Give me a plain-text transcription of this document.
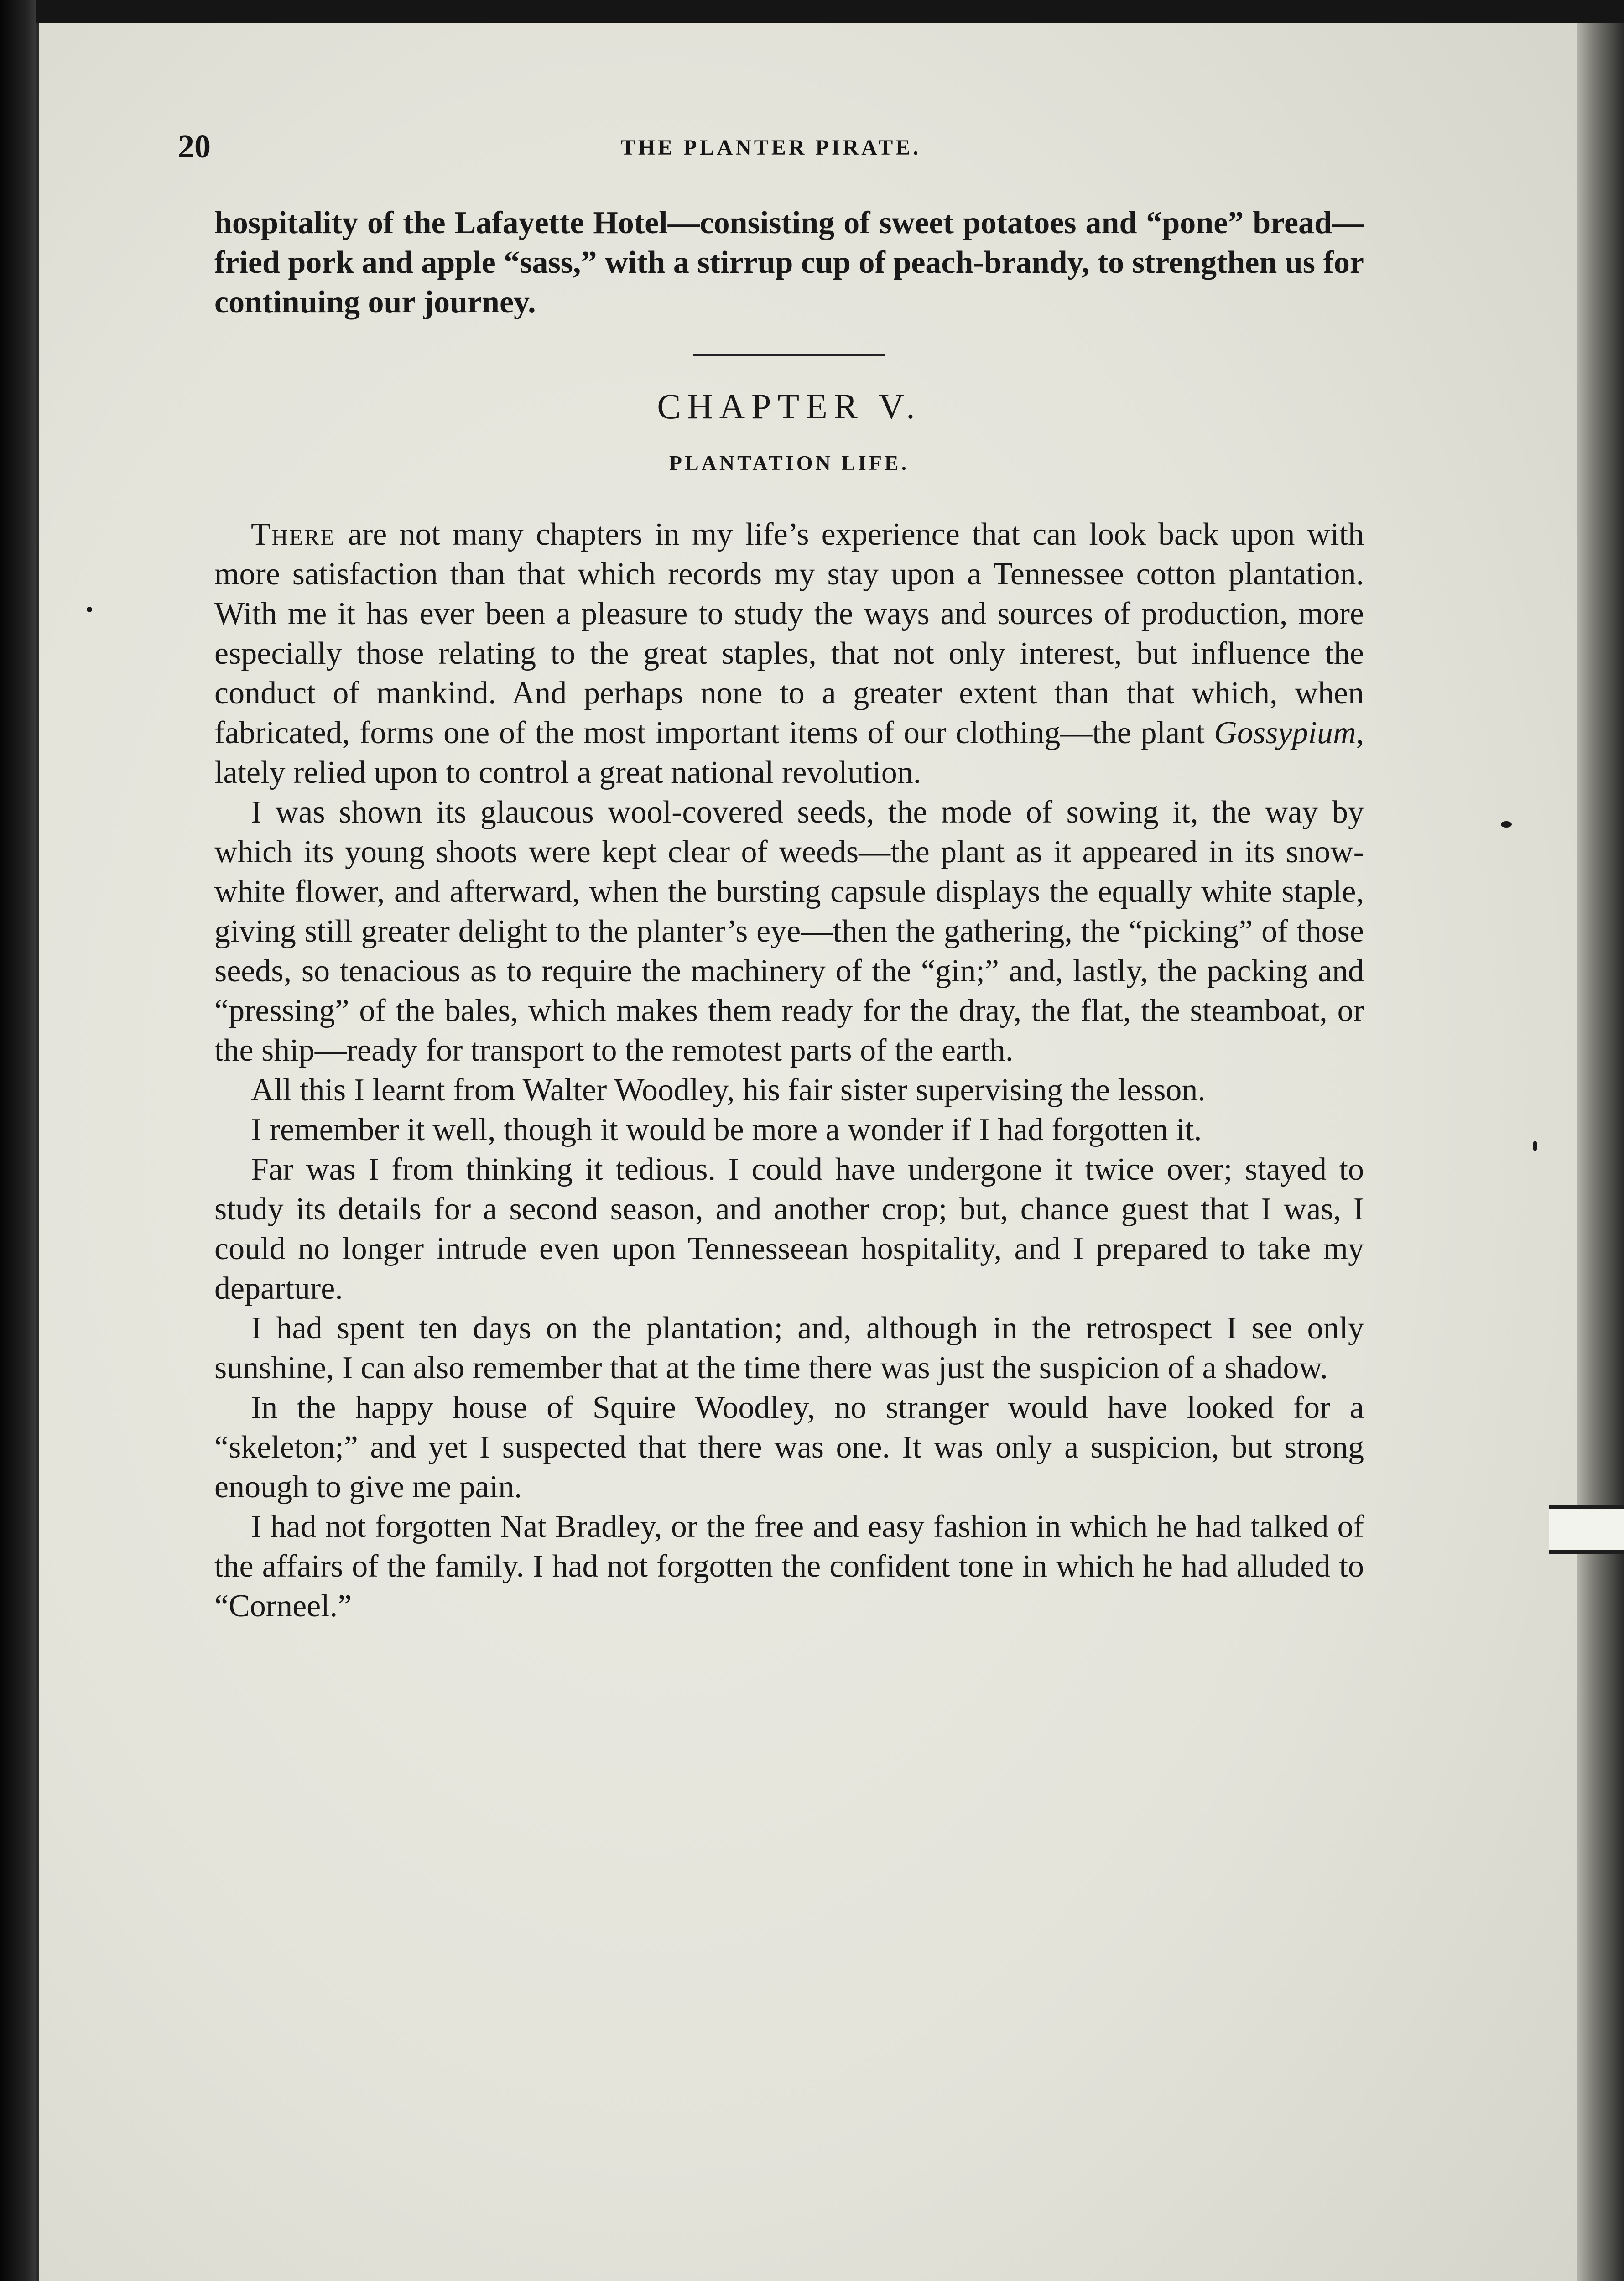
20	THE PLANTER PIRATE.

hospitality of the Lafayette Hotel—consisting of sweet potatoes and “pone” bread—fried pork and apple “sass,” with a stirrup cup of peach-brandy, to strengthen us for continuing our journey.

CHAPTER V.

PLANTATION LIFE.

There are not many chapters in my life’s experience that can look back upon with more satisfaction than that which records my stay upon a Tennessee cotton plantation. With me it has ever been a pleasure to study the ways and sources of production, more especially those relating to the great staples, that not only interest, but influence the conduct of mankind. And perhaps none to a greater extent than that which, when fabricated, forms one of the most important items of our clothing—the plant Gossypium, lately relied upon to control a great national revolution.

I was shown its glaucous wool-covered seeds, the mode of sowing it, the way by which its young shoots were kept clear of weeds—the plant as it appeared in its snow-white flower, and afterward, when the bursting capsule displays the equally white staple, giving still greater delight to the planter’s eye—then the gathering, the “picking” of those seeds, so tenacious as to require the machinery of the “gin;” and, lastly, the packing and “pressing” of the bales, which makes them ready for the dray, the flat, the steamboat, or the ship—ready for transport to the remotest parts of the earth.

All this I learnt from Walter Woodley, his fair sister supervising the lesson.

I remember it well, though it would be more a wonder if I had forgotten it.

Far was I from thinking it tedious. I could have undergone it twice over; stayed to study its details for a second season, and another crop; but, chance guest that I was, I could no longer intrude even upon Tennesseean hospitality, and I prepared to take my departure.

I had spent ten days on the plantation; and, although in the retrospect I see only sunshine, I can also remember that at the time there was just the suspicion of a shadow.

In the happy house of Squire Woodley, no stranger would have looked for a “skeleton;” and yet I suspected that there was one. It was only a suspicion, but strong enough to give me pain.

I had not forgotten Nat Bradley, or the free and easy fashion in which he had talked of the affairs of the family. I had not forgotten the confident tone in which he had alluded to “Corneel.”
